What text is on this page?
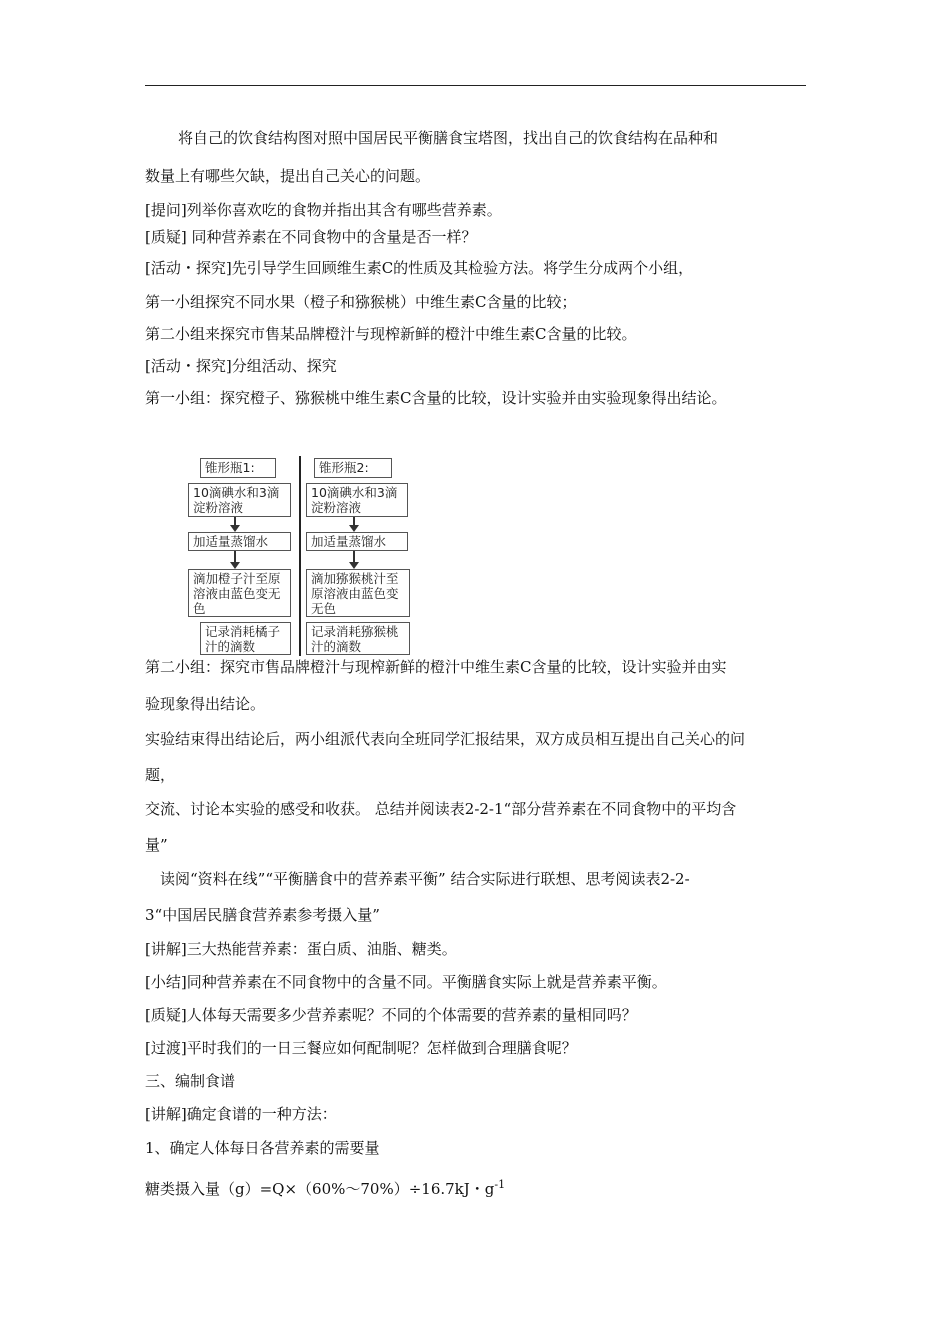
将自己的饮食结构图对照中国居民平衡膳食宝塔图，找出自己的饮食结构在品种和
数量上有哪些欠缺，提出自己关心的问题。
[提问]列举你喜欢吃的食物并指出其含有哪些营养素。
[质疑] 同种营养素在不同食物中的含量是否一样？
[活动・探究]先引导学生回顾维生素C的性质及其检验方法。将学生分成两个小组，
第一小组探究不同水果（橙子和猕猴桃）中维生素C含量的比较；
第二小组来探究市售某品牌橙汁与现榨新鲜的橙汁中维生素C含量的比较。
[活动・探究]分组活动、探究
第一小组：探究橙子、猕猴桃中维生素C含量的比较，设计实验并由实验现象得出结论。
锥形瓶1:
10滴碘水和3滴淀粉溶液
加适量蒸馏水
滴加橙子汁至原溶液由蓝色变无色
记录消耗橘子汁的滴数
锥形瓶2:
10滴碘水和3滴淀粉溶液
加适量蒸馏水
滴加猕猴桃汁至原溶液由蓝色变无色
记录消耗猕猴桃汁的滴数
第二小组：探究市售品牌橙汁与现榨新鲜的橙汁中维生素C含量的比较，设计实验并由实
验现象得出结论。
实验结束得出结论后，两小组派代表向全班同学汇报结果，双方成员相互提出自己关心的问
题，
交流、讨论本实验的感受和收获。 总结并阅读表2-2-1“部分营养素在不同食物中的平均含
量”
读阅“资料在线”“平衡膳食中的营养素平衡” 结合实际进行联想、思考阅读表2-2-
3“中国居民膳食营养素参考摄入量”
[讲解]三大热能营养素：蛋白质、油脂、糖类。
[小结]同种营养素在不同食物中的含量不同。平衡膳食实际上就是营养素平衡。
[质疑]人体每天需要多少营养素呢？不同的个体需要的营养素的量相同吗？
[过渡]平时我们的一日三餐应如何配制呢？怎样做到合理膳食呢？
三、编制食谱
[讲解]确定食谱的一种方法：
1、确定人体每日各营养素的需要量
糖类摄入量（g）=Q×（60%～70%）÷16.7kJ・$g^{-1}$
